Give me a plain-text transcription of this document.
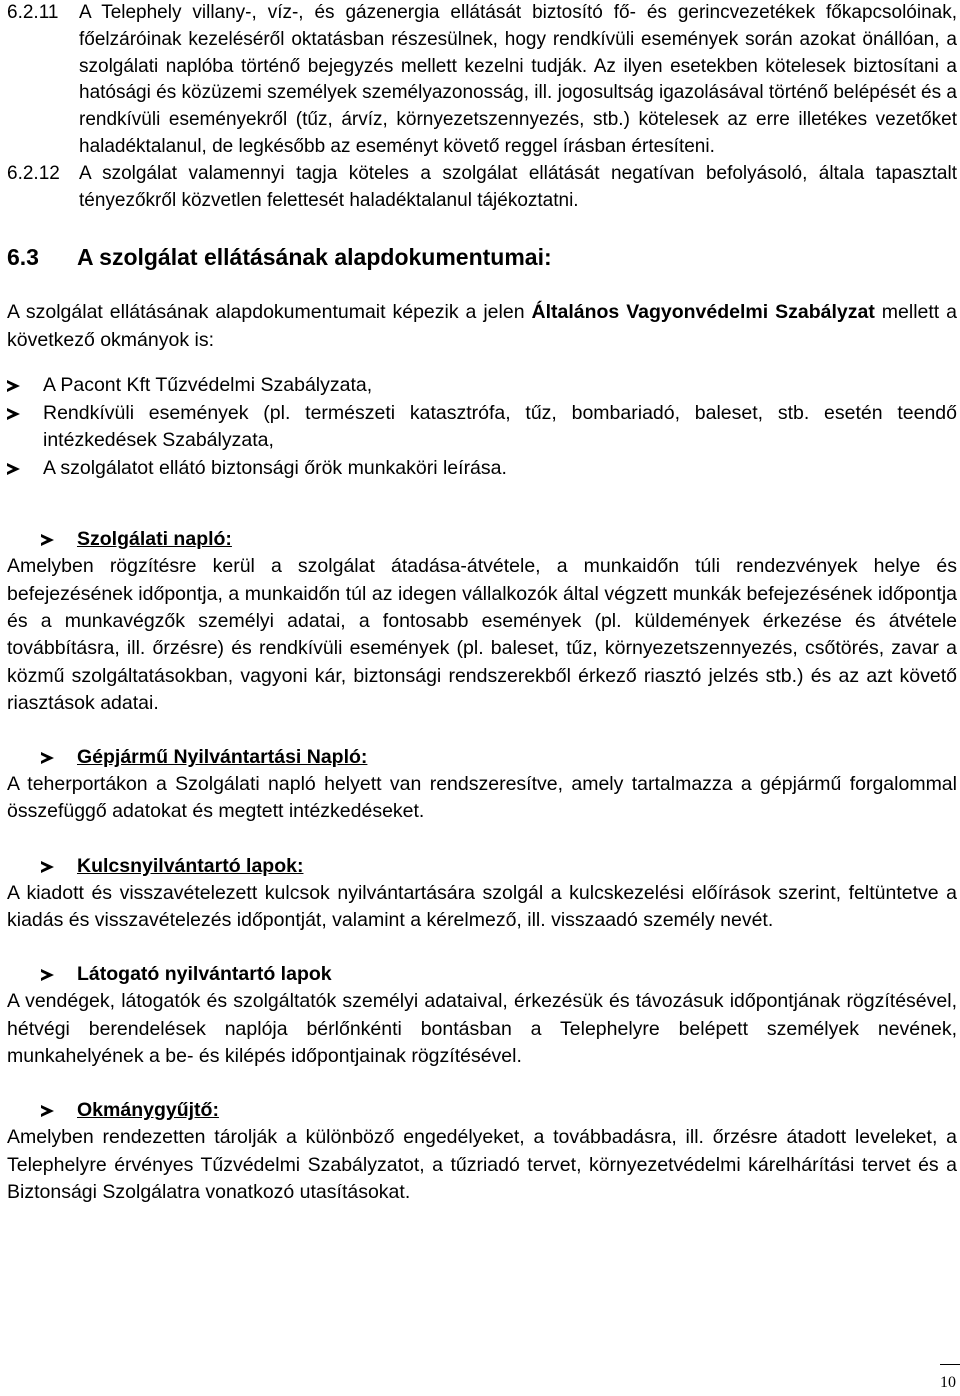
6.2.11 A Telephely villany-, víz-, és gázenergia ellátását biztosító fő- és gerincvezetékek főkapcsolóinak, főelzáróinak kezeléséről oktatásban részesülnek, hogy rendkívüli események során azokat önállóan, a szolgálati naplóba történő bejegyzés mellett kezelni tudják. Az ilyen esetekben kötelesek biztosítani a hatósági és közüzemi személyek személyazonosság, ill. jogosultság igazolásával történő belépését és a rendkívüli eseményekről (tűz, árvíz, környezetszennyezés, stb.) kötelesek az erre illetékes vezetőket haladéktalanul, de legkésőbb az eseményt követő reggel írásban értesíteni.
6.2.12 A szolgálat valamennyi tagja köteles a szolgálat ellátását negatívan befolyásoló, általa tapasztalt tényezőkről közvetlen felettesét haladéktalanul tájékoztatni.
6.3 A szolgálat ellátásának alapdokumentumai:
A szolgálat ellátásának alapdokumentumait képezik a jelen Általános Vagyonvédelmi Szabályzat mellett a következő okmányok is:
A Pacont Kft Tűzvédelmi Szabályzata,
Rendkívüli események (pl. természeti katasztrófa, tűz, bombariadó, baleset, stb. esetén teendő intézkedések Szabályzata,
A szolgálatot ellátó biztonsági őrök munkaköri leírása.
Szolgálati napló:
Amelyben rögzítésre kerül a szolgálat átadása-átvétele, a munkaidőn túli rendezvények helye és befejezésének időpontja, a munkaidőn túl az idegen vállalkozók által végzett munkák befejezésének időpontja és a munkavégzők személyi adatai, a fontosabb események (pl. küldemények érkezése és átvétele továbbításra, ill. őrzésre) és rendkívüli események (pl. baleset, tűz, környezetszennyezés, csőtörés, zavar a közmű szolgáltatásokban, vagyoni kár, biztonsági rendszerekből érkező riasztó jelzés stb.) és az azt követő riasztások adatai.
Gépjármű Nyilvántartási Napló:
A teherportákon a Szolgálati napló helyett van rendszeresítve, amely tartalmazza a gépjármű forgalommal összefüggő adatokat és megtett intézkedéseket.
Kulcsnyilvántartó lapok:
A kiadott és visszavételezett kulcsok nyilvántartására szolgál a kulcskezelési előírások szerint, feltüntetve a kiadás és visszavételezés időpontját, valamint a kérelmező, ill. visszaadó személy nevét.
Látogató nyilvántartó lapok
A vendégek, látogatók és szolgáltatók személyi adataival, érkezésük és távozásuk időpontjának rögzítésével, hétvégi berendelések naplója bérlőnkénti bontásban a Telephelyre belépett személyek nevének, munkahelyének a be- és kilépés időpontjainak rögzítésével.
Okmánygyűjtő:
Amelyben rendezetten tárolják a különböző engedélyeket, a továbbadásra, ill. őrzésre átadott leveleket, a Telephelyre érvényes Tűzvédelmi Szabályzatot, a tűzriadó tervet, környezetvédelmi kárelhárítási tervet és a Biztonsági Szolgálatra vonatkozó utasításokat.
10
